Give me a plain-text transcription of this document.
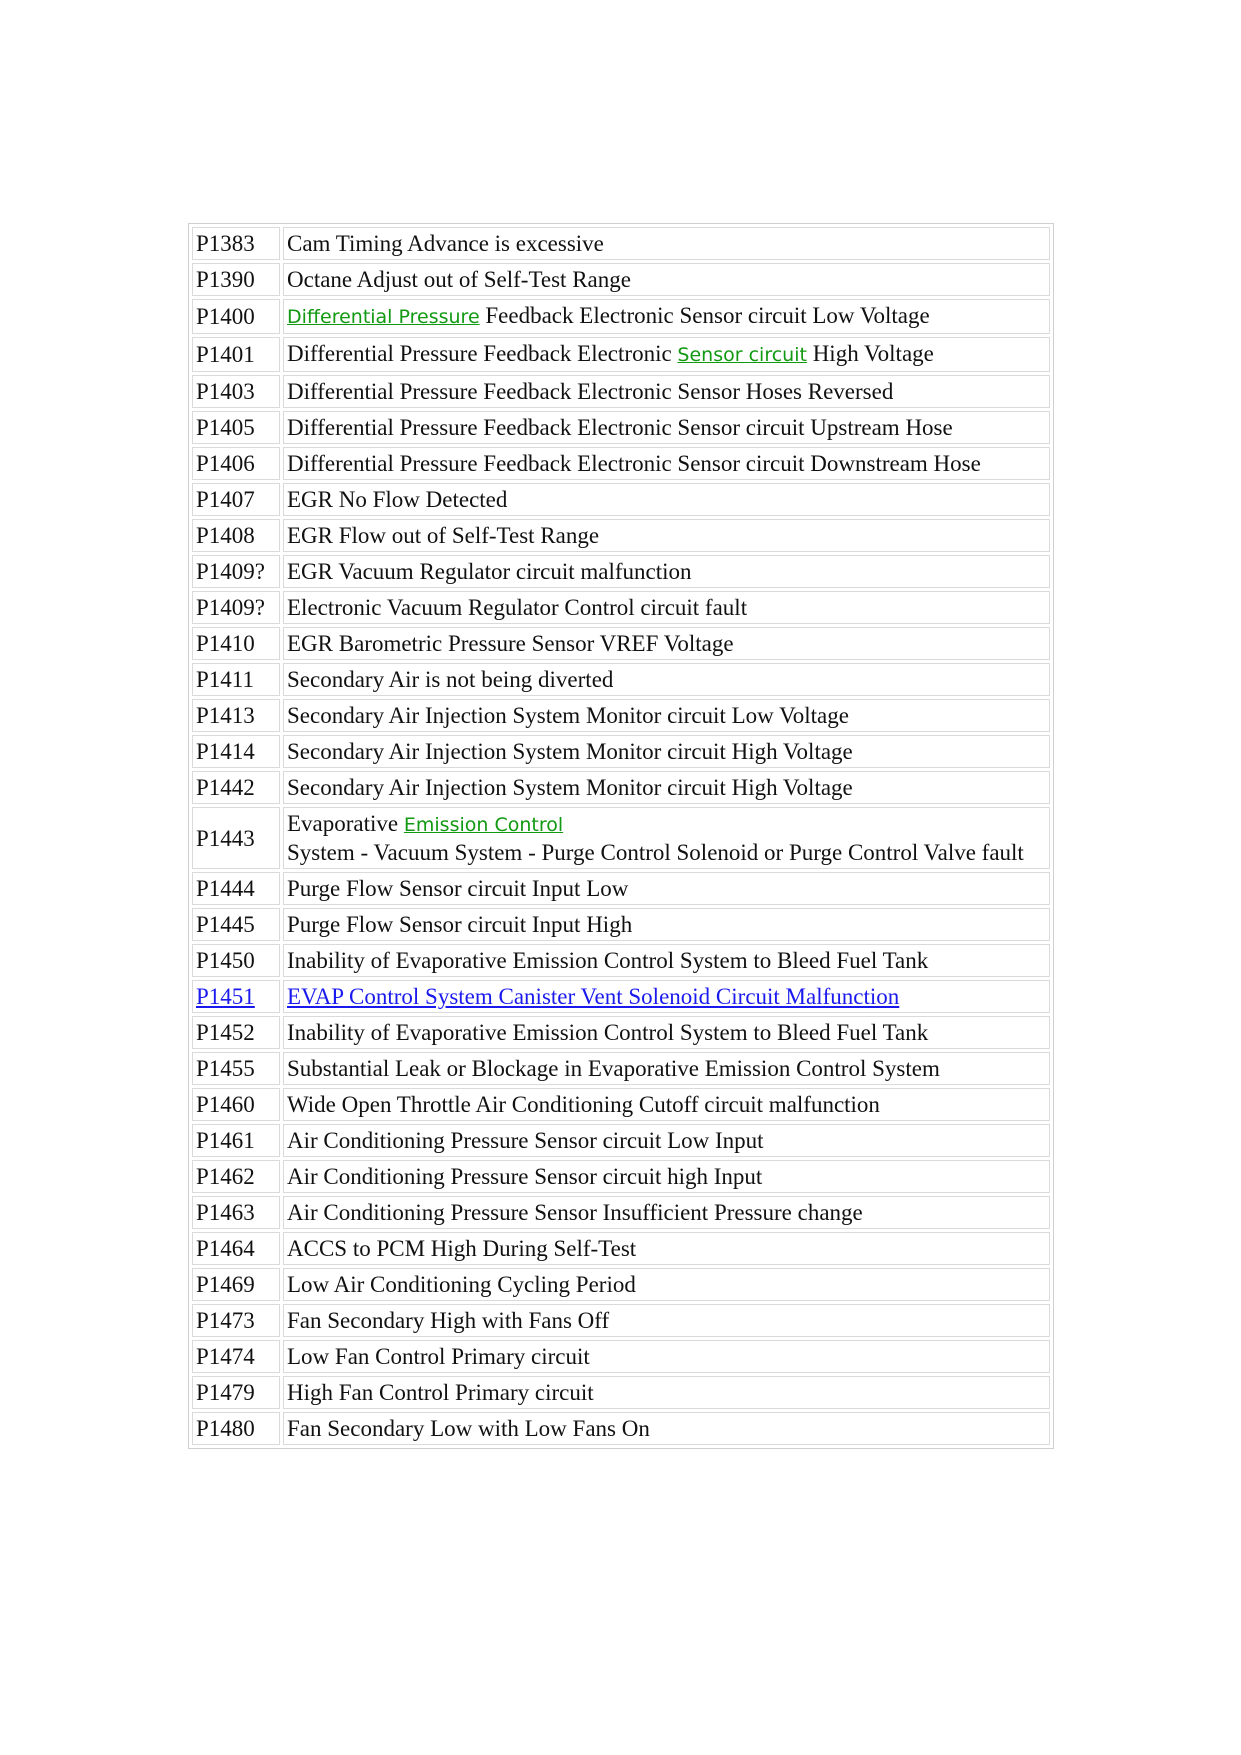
P1383	Cam Timing Advance is excessive
P1390	Octane Adjust out of Self-Test Range
P1400	Differential Pressure Feedback Electronic Sensor circuit Low Voltage
P1401	Differential Pressure Feedback Electronic Sensor circuit High Voltage
P1403	Differential Pressure Feedback Electronic Sensor Hoses Reversed
P1405	Differential Pressure Feedback Electronic Sensor circuit Upstream Hose
P1406	Differential Pressure Feedback Electronic Sensor circuit Downstream Hose
P1407	EGR No Flow Detected
P1408	EGR Flow out of Self-Test Range
P1409?	EGR Vacuum Regulator circuit malfunction
P1409?	Electronic Vacuum Regulator Control circuit fault
P1410	EGR Barometric Pressure Sensor VREF Voltage
P1411	Secondary Air is not being diverted
P1413	Secondary Air Injection System Monitor circuit Low Voltage
P1414	Secondary Air Injection System Monitor circuit High Voltage
P1442	Secondary Air Injection System Monitor circuit High Voltage
P1443	Evaporative Emission Control
System - Vacuum System - Purge Control Solenoid or Purge Control Valve fault

P1444	Purge Flow Sensor circuit Input Low
P1445	Purge Flow Sensor circuit Input High
P1450	Inability of Evaporative Emission Control System to Bleed Fuel Tank
P1451	EVAP Control System Canister Vent Solenoid Circuit Malfunction
P1452	Inability of Evaporative Emission Control System to Bleed Fuel Tank
P1455	Substantial Leak or Blockage in Evaporative Emission Control System
P1460	Wide Open Throttle Air Conditioning Cutoff circuit malfunction
P1461	Air Conditioning Pressure Sensor circuit Low Input
P1462	Air Conditioning Pressure Sensor circuit high Input
P1463	Air Conditioning Pressure Sensor Insufficient Pressure change
P1464	ACCS to PCM High During Self-Test
P1469	Low Air Conditioning Cycling Period
P1473	Fan Secondary High with Fans Off
P1474	Low Fan Control Primary circuit
P1479	High Fan Control Primary circuit
P1480	Fan Secondary Low with Low Fans On
